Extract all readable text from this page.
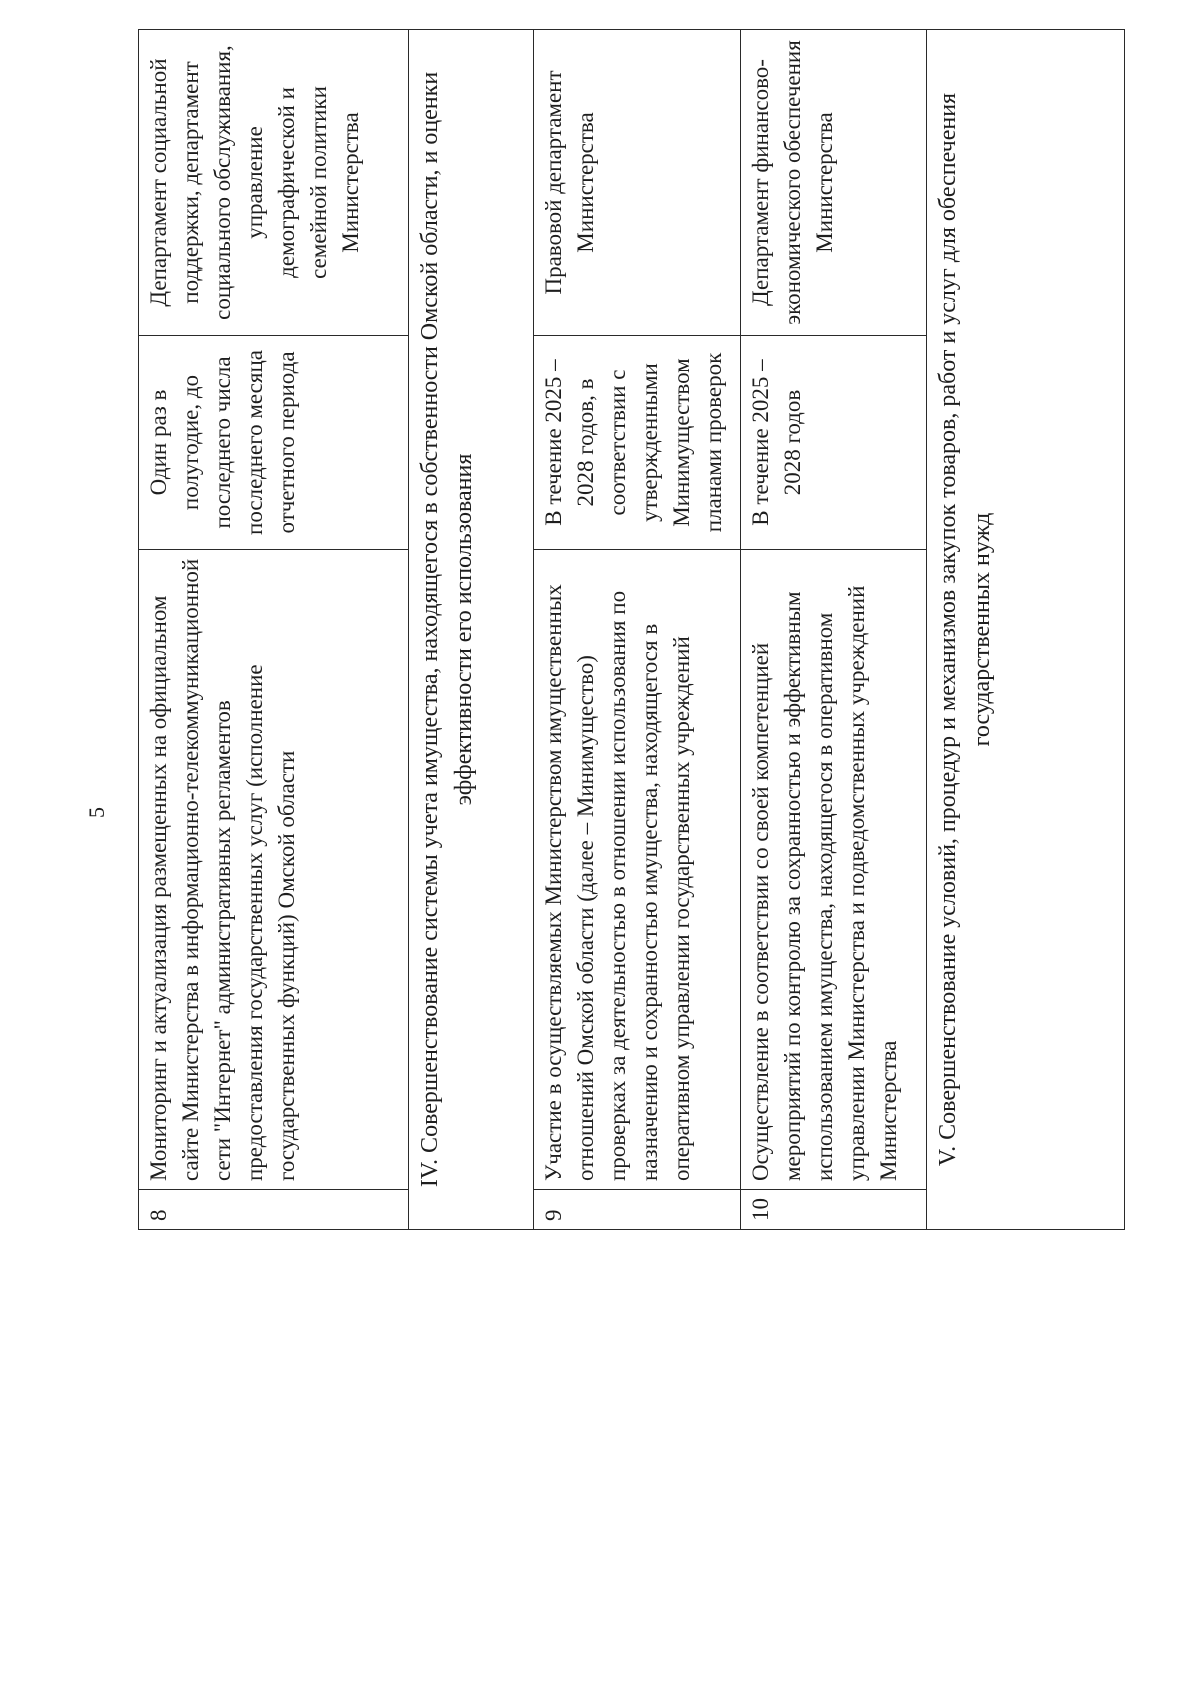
5
8	Мониторинг и актуализация размещенных на официальном сайте Министерства в информационно-телекоммуникационной сети "Интернет" административных регламентов предоставления государственных услуг (исполнение государственных функций) Омской области	Один раз в полугодие, до последнего числа последнего месяца отчетного периода	Департамент социальной поддержки, департамент социального обслуживания, управление демографической и семейной политики Министерства
IV. Совершенствование системы учета имущества, находящегося в собственности Омской области, и оценки эффективности его использования			
9	Участие в осуществляемых Министерством имущественных отношений Омской области (далее – Минимущество) проверках за деятельностью в отношении использования по назначению и сохранностью имущества, находящегося в оперативном управлении государственных учреждений	В течение 2025 – 2028 годов, в соответствии с утвержденными Минимуществом планами проверок	Правовой департамент Министерства
10	Осуществление в соответствии со своей компетенцией мероприятий по контролю за сохранностью и эффективным использованием имущества, находящегося в оперативном управлении Министерства и подведомственных учреждений Министерства	В течение 2025 – 2028 годов	Департамент финансово-экономического обеспечения Министерства
V. Совершенствование условий, процедур и механизмов закупок товаров, работ и услуг для обеспечения государственных нужд			
